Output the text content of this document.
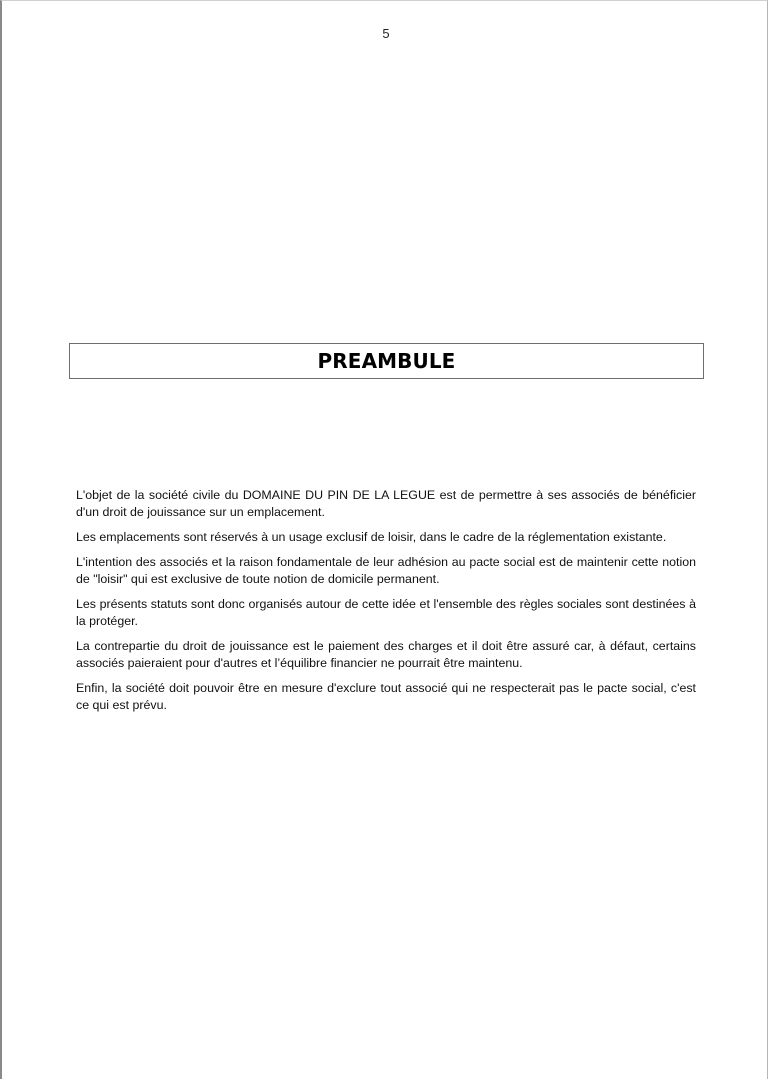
5
PREAMBULE

L'objet de la société civile du DOMAINE DU PIN DE LA LEGUE est de permettre à ses associés de bénéficier d'un droit de jouissance sur un emplacement.

Les emplacements sont réservés à un usage exclusif de loisir, dans le cadre de la réglementation existante.

L'intention des associés et la raison fondamentale de leur adhésion au pacte social est de maintenir cette notion de "loisir" qui est exclusive de toute notion de domicile permanent.

Les présents statuts sont donc organisés autour de cette idée et l'ensemble des règles sociales sont destinées à la protéger.

La contrepartie du droit de jouissance est le paiement des charges et il doit être assuré car, à défaut, certains associés paieraient pour d'autres et l’équilibre financier ne pourrait être maintenu.

Enfin, la société doit pouvoir être en mesure d'exclure tout associé qui ne respecterait pas le pacte social, c'est ce qui est prévu.
